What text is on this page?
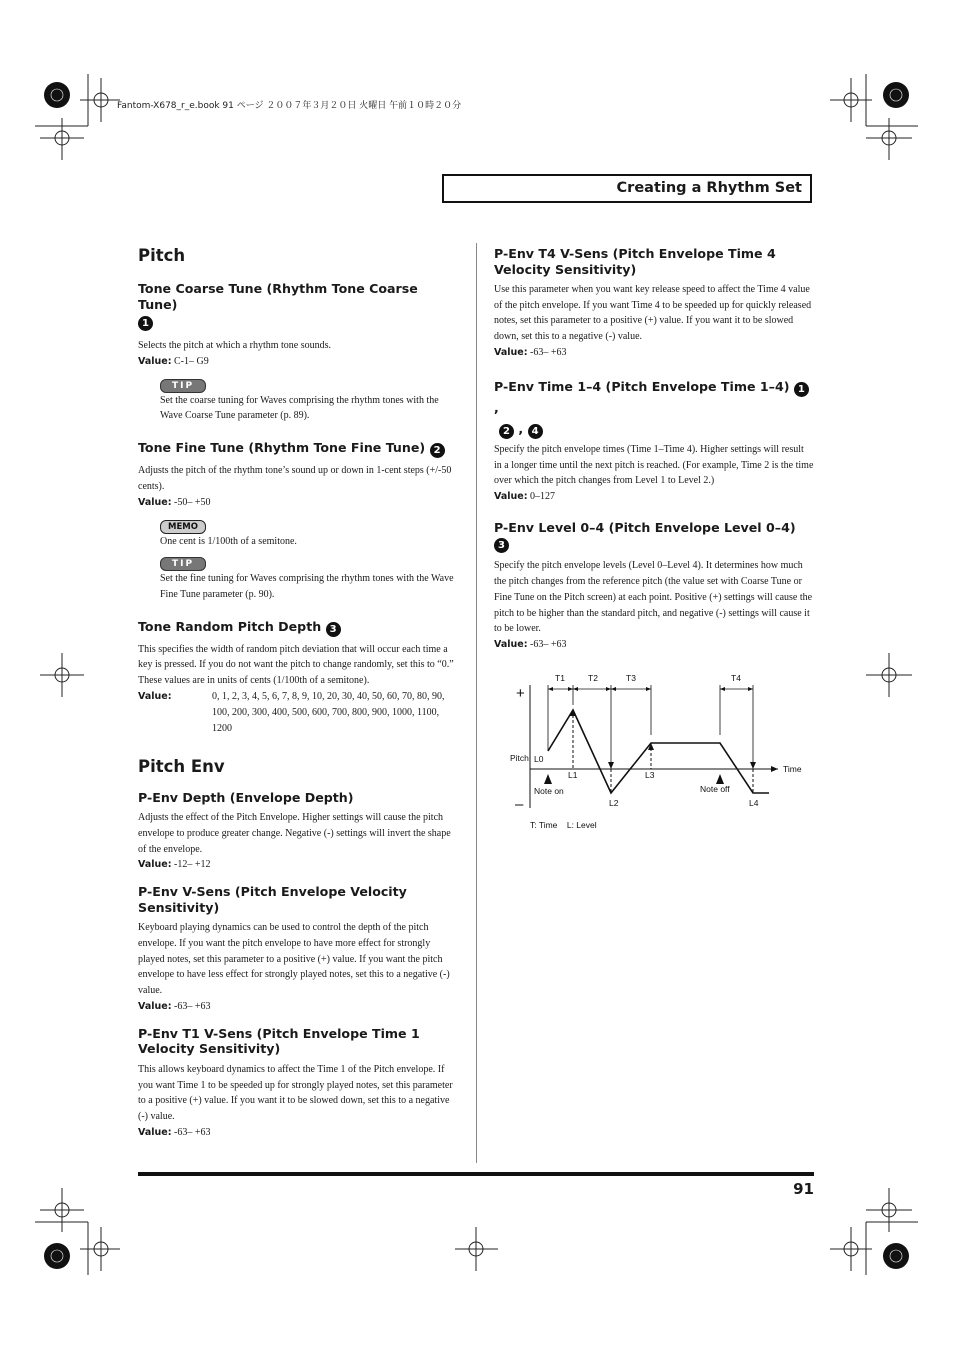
Fantom-X678_r_e.book 91 ページ ２００７年３月２０日 火曜日 午前１０時２０分
Creating a Rhythm Set
Pitch
Tone Coarse Tune (Rhythm Tone Coarse Tune)
1

Selects the pitch at which a rhythm tone sounds.

Value: C-1– G9
TIP

Set the coarse tuning for Waves comprising the rhythm tones with the Wave Coarse Tune parameter (p. 89).

Tone Fine Tune (Rhythm Tone Fine Tune) 2

Adjusts the pitch of the rhythm tone’s sound up or down in 1-cent steps (+/-50 cents).

Value: -50– +50
MEMO

One cent is 1/100th of a semitone.

TIP

Set the fine tuning for Waves comprising the rhythm tones with the Wave Fine Tune parameter (p. 90).

Tone Random Pitch Depth 3

This specifies the width of random pitch deviation that will occur each time a key is pressed. If you do not want the pitch to change randomly, set this to “0.” These values are in units of cents (1/100th of a semitone).

Value:	0, 1, 2, 3, 4, 5, 6, 7, 8, 9, 10, 20, 30, 40, 50, 60, 70, 80, 90, 100, 200, 300, 400, 500, 600, 700, 800, 900, 1000, 1100, 1200
Pitch Env
P-Env Depth (Envelope Depth)

Adjusts the effect of the Pitch Envelope. Higher settings will cause the pitch envelope to produce greater change. Negative (-) settings will invert the shape of the envelope.

Value: -12– +12
P-Env V-Sens (Pitch Envelope Velocity Sensitivity)

Keyboard playing dynamics can be used to control the depth of the pitch envelope. If you want the pitch envelope to have more effect for strongly played notes, set this parameter to a positive (+) value. If you want the pitch envelope to have less effect for strongly played notes, set this to a negative (-) value.

Value: -63– +63
P-Env T1 V-Sens (Pitch Envelope Time 1 Velocity Sensitivity)

This allows keyboard dynamics to affect the Time 1 of the Pitch envelope. If you want Time 1 to be speeded up for strongly played notes, set this parameter to a positive (+) value. If you want it to be slowed down, set this to a negative (-) value.

Value: -63– +63
P-Env T4 V-Sens (Pitch Envelope Time 4 Velocity Sensitivity)

Use this parameter when you want key release speed to affect the Time 4 value of the pitch envelope. If you want Time 4 to be speeded up for quickly released notes, set this parameter to a positive (+) value. If you want it to be slowed down, set this to a negative (-) value.

Value: -63– +63
P-Env Time 1–4 (Pitch Envelope Time 1–4) 1 ,
2 , 4

Specify the pitch envelope times (Time 1–Time 4). Higher settings will result in a longer time until the next pitch is reached. (For example, Time 2 is the time over which the pitch changes from Level 1 to Level 2.)

Value: 0–127
P-Env Level 0–4 (Pitch Envelope Level 0–4) 3

Specify the pitch envelope levels (Level 0–Level 4). It determines how much the pitch changes from the reference pitch (the value set with Coarse Tune or Fine Tune on the Pitch screen) at each point. Positive (+) settings will cause the pitch to be higher than the standard pitch, and negative (-) settings will cause it to be lower.

Value: -63– +63
+
–
Pitch
Time
T1	T2	T3	T4
L0
L1
L2
L3
L4
Note on	Note off
T: Time    L: Level
91
